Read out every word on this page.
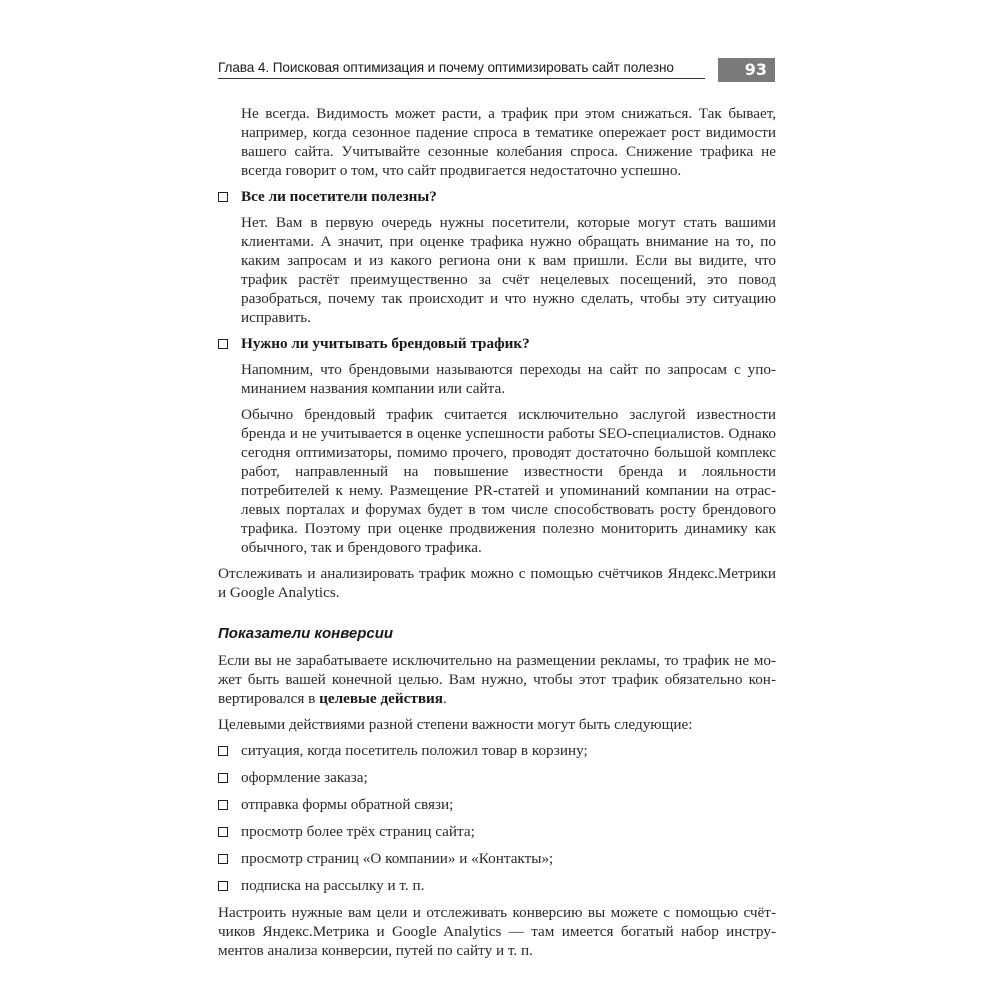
Глава 4. Поисковая оптимизация и почему оптимизировать сайт полезно	93

Не всегда. Видимость может расти, а трафик при этом снижаться. Так бывает, например, когда сезонное падение спроса в тематике опережает рост видимости вашего сайта. Учитывайте сезонные колебания спроса. Снижение трафика не всегда говорит о том, что сайт продвигается недостаточно успешно.

Все ли посетители полезны?

Нет. Вам в первую очередь нужны посетители, которые могут стать вашими клиентами. А значит, при оценке трафика нужно обращать внимание на то, по каким запросам и из какого региона они к вам пришли. Если вы видите, что трафик растёт преимущественно за счёт нецелевых посещений, это повод разобраться, почему так происходит и что нужно сделать, чтобы эту ситуацию исправить.

Нужно ли учитывать брендовый трафик?

Напомним, что брендовыми называются переходы на сайт по запросам с упоминанием названия компании или сайта.

Обычно брендовый трафик считается исключительно заслугой известности бренда и не учитывается в оценке успешности работы SEO-специалистов. Однако сегодня оптимизаторы, помимо прочего, проводят достаточно большой комплекс работ, направленный на повышение известности бренда и лояльности потребителей к нему. Размещение PR-статей и упоминаний компании на отраслевых порталах и форумах будет в том числе способствовать росту брендового трафика. Поэтому при оценке продвижения полезно мониторить динамику как обычного, так и брендового трафика.

Отслеживать и анализировать трафик можно с помощью счётчиков Яндекс.Метрики и Google Analytics.

Показатели конверсии

Если вы не зарабатываете исключительно на размещении рекламы, то трафик не может быть вашей конечной целью. Вам нужно, чтобы этот трафик обязательно конвертировался в целевые действия.

Целевыми действиями разной степени важности могут быть следующие:

ситуация, когда посетитель положил товар в корзину;
оформление заказа;
отправка формы обратной связи;
просмотр более трёх страниц сайта;
просмотр страниц «О компании» и «Контакты»;
подписка на рассылку и т. п.

Настроить нужные вам цели и отслеживать конверсию вы можете с помощью счётчиков Яндекс.Метрика и Google Analytics — там имеется богатый набор инструментов анализа конверсии, путей по сайту и т. п.
